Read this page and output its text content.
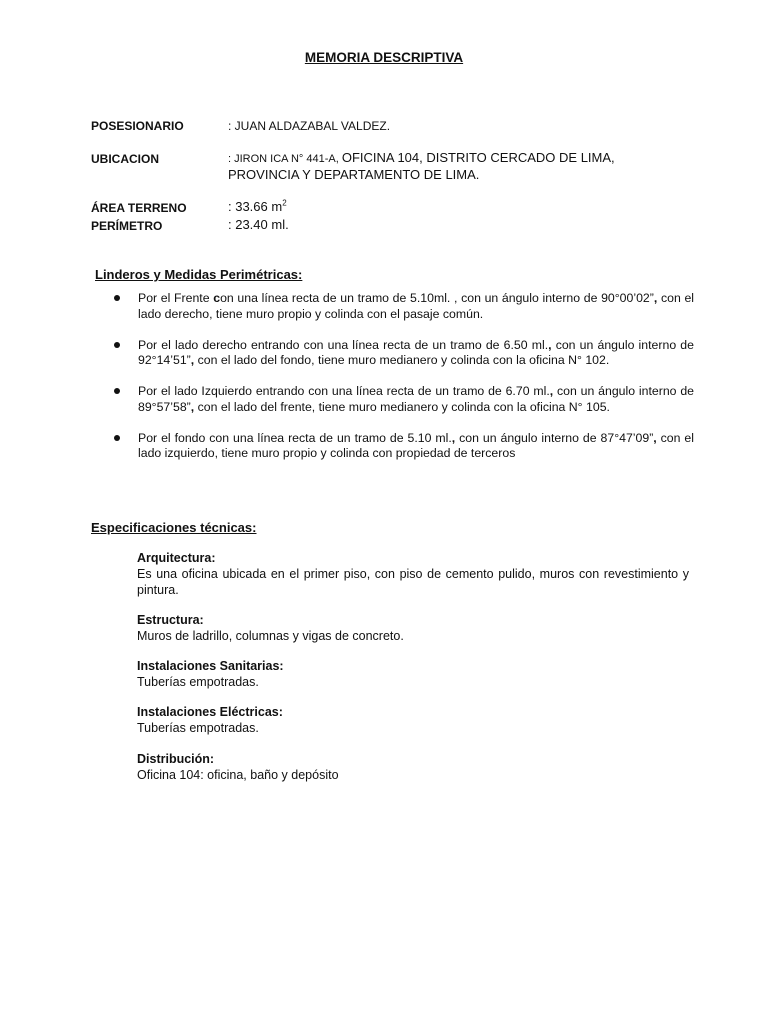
MEMORIA DESCRIPTIVA
POSESIONARIO	: JUAN ALDAZABAL VALDEZ.
UBICACION	: JIRON ICA N° 441-A, OFICINA 104, DISTRITO CERCADO DE LIMA,
PROVINCIA Y DEPARTAMENTO DE LIMA.
ÁREA TERRENO	: 33.66 $m^2$
PERÍMETRO	: 23.40 ml.
Linderos y Medidas Perimétricas:
Por el Frente con una línea recta de un tramo de 5.10ml. , con un ángulo interno de 90°00’02”, con el lado derecho, tiene muro propio y colinda con el pasaje común.
Por el lado derecho entrando con una línea recta de un tramo de 6.50 ml., con un ángulo interno de 92°14’51”, con el lado del fondo, tiene muro medianero y colinda con la oficina N° 102.
Por el lado Izquierdo entrando con una línea recta de un tramo de 6.70 ml., con un ángulo interno de 89°57’58”, con el lado del frente, tiene muro medianero y colinda con la oficina N° 105.
Por el fondo con una línea recta de un tramo de 5.10 ml., con un ángulo interno de 87°47’09”, con el lado izquierdo, tiene muro propio y colinda con propiedad de terceros
Especificaciones técnicas:
Arquitectura:
Es una oficina ubicada en el primer piso, con piso de cemento pulido, muros con revestimiento y pintura.
Estructura:
Muros de ladrillo, columnas y vigas de concreto.
Instalaciones Sanitarias:
Tuberías empotradas.
Instalaciones Eléctricas:
Tuberías empotradas.
Distribución:
Oficina 104: oficina, baño y depósito
